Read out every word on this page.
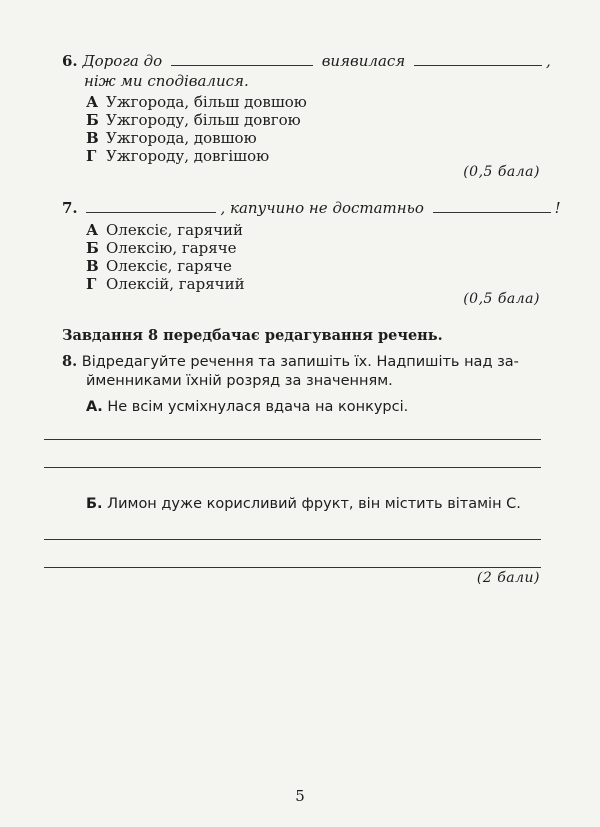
6. Дорога до	виявилася	,
ніж ми сподівалися.
А Ужгорода, більш довшою
Б Ужгороду, більш довгою
В Ужгорода, довшою
Г Ужгороду, довгішою
(0,5 бала)
7.	, капучино не достатньо	!
А Олексіє, гарячий
Б Олексію, гаряче
В Олексіє, гаряче
Г Олексій, гарячий
(0,5 бала)
Завдання 8 передбачає редагування речень.
8. Відредагуйте речення та запишіть їх. Надпишіть над за-
йменниками їхній розряд за значенням.
А. Не всім усміхнулася вдача на конкурсі.
Б. Лимон дуже корисливий фрукт, він містить вітамін С.
(2 бали)
5
